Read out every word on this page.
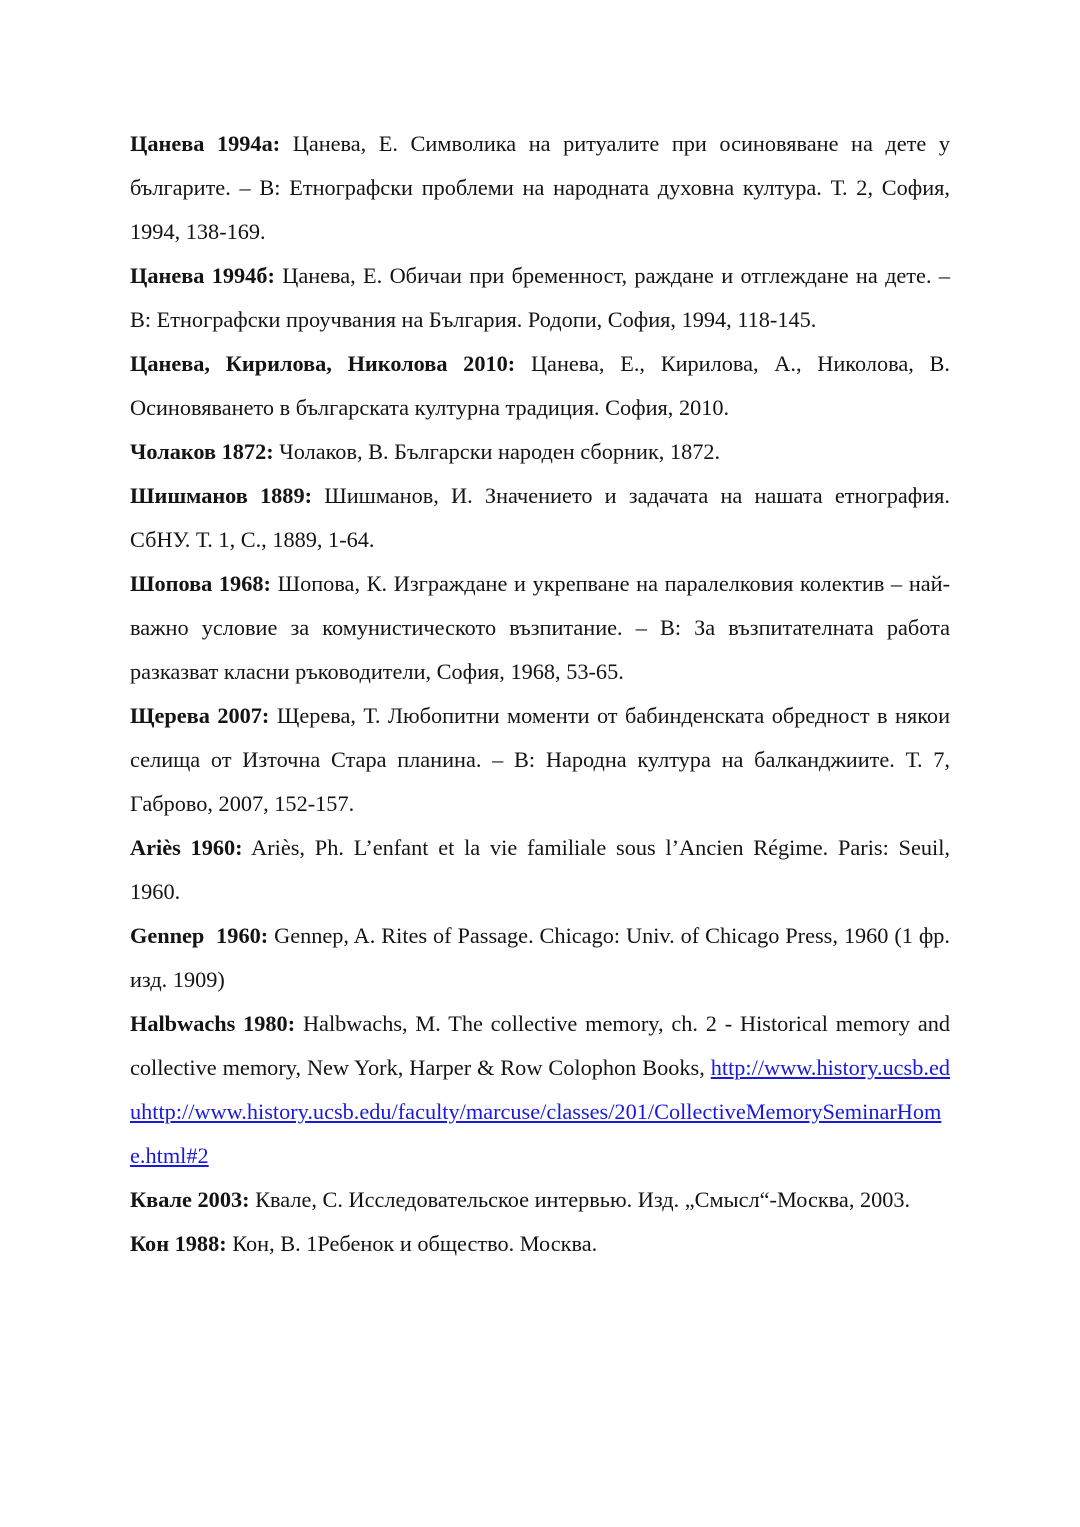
Цанева 1994а: Цанева, Е. Символика на ритуалите при осиновяване на дете у българите. – В: Етнографски проблеми на народната духовна култура. Т. 2, София, 1994, 138-169.

Цанева 1994б: Цанева, Е. Обичаи при бременност, раждане и отглеждане на дете. – В: Етнографски проучвания на България. Родопи, София, 1994, 118-145.

Цанева, Кирилова, Николова 2010: Цанева, Е., Кирилова, А., Николова, В. Осиновяването в българската културна традиция. София, 2010.

Чолаков 1872: Чолаков, В. Български народен сборник, 1872.

Шишманов 1889: Шишманов, И. Значението и задачата на нашата етнография. СбНУ. Т. 1, С., 1889, 1-64.

Шопова 1968: Шопова, К. Изграждане и укрепване на паралелковия колектив – най-важно условие за комунистическото възпитание. – В: За възпитателната работа разказват класни ръководители, София, 1968, 53-65.

Щерева 2007: Щерева, Т. Любопитни моменти от бабинденската обредност в някои селища от Източна Стара планина. – В: Народна култура на балканджиите. Т. 7, Габрово, 2007, 152-157.

Ariès 1960: Ariès, Ph. L’enfant et la vie familiale sous l’Ancien Régime. Paris: Seuil, 1960.

Gennep  1960: Gennep, A. Rites of Passage. Chicago: Univ. of Chicago Press, 1960 (1 фр. изд. 1909)

Halbwachs 1980: Halbwachs, M. The collective memory, ch. 2 - Historical memory and collective memory, New York, Harper & Row Colophon Books, http://www.history.ucsb.eduhttp://www.history.ucsb.edu/faculty/marcuse/classes/201/CollectiveMemorySeminarHome.html#2

Квале 2003: Квале, С. Исследовательское интервью. Изд. „Смысл“-Москва, 2003.

Кон 1988: Кон, В. 1Ребенок и общество. Москва.
